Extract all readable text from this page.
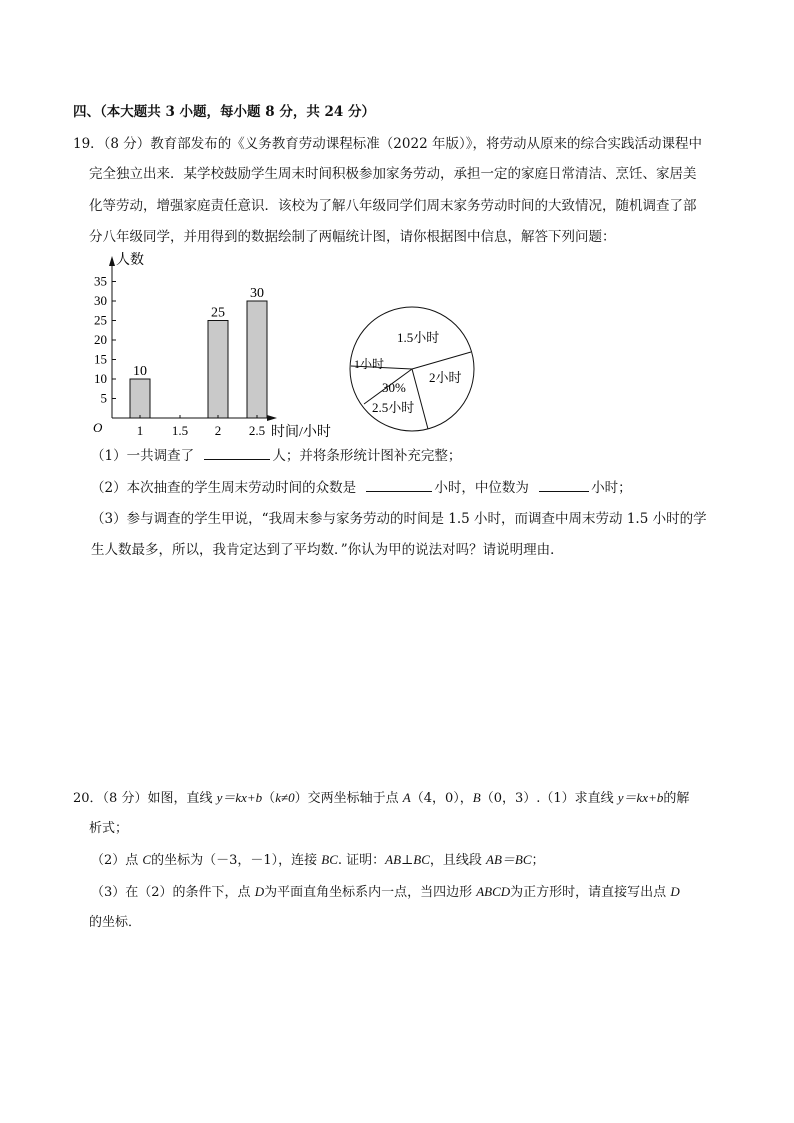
四、（本大题共 3 小题，每小题 8 分，共 24 分）
19．（8 分）教育部发布的《义务教育劳动课程标准（2022 年版）》，将劳动从原来的综合实践活动课程中
完全独立出来．某学校鼓励学生周末时间积极参加家务劳动，承担一定的家庭日常清洁、烹饪、家居美
化等劳动，增强家庭责任意识．该校为了解八年级同学们周末家务劳动时间的大致情况，随机调查了部
分八年级同学，并用得到的数据绘制了两幅统计图，请你根据图中信息，解答下列问题：
人数
时间/小时
O
5
10
15
20
25
30
35
10
25
30
1 1.5 2 2.5
1.5小时
1小时
30%
2.5小时
2小时
（1）一共调查了	人；并将条形统计图补充完整；
（2）本次抽查的学生周末劳动时间的众数是	小时，中位数为	小时；
（3）参与调查的学生甲说，“我周末参与家务劳动的时间是 1.5 小时，而调查中周末劳动 1.5 小时的学
生人数最多，所以，我肯定达到了平均数．”你认为甲的说法对吗？请说明理由．
20．（8 分）如图，直线 y＝kx+b（k≠0）交两坐标轴于点 A（4，0），B（0，3）.（1）求直线 y＝kx+b的解
析式；
（2）点 C的坐标为（－3，－1），连接 BC. 证明：AB⊥BC，且线段 AB＝BC；
（3）在（2）的条件下，点 D为平面直角坐标系内一点，当四边形 ABCD为正方形时，请直接写出点 D
的坐标．
